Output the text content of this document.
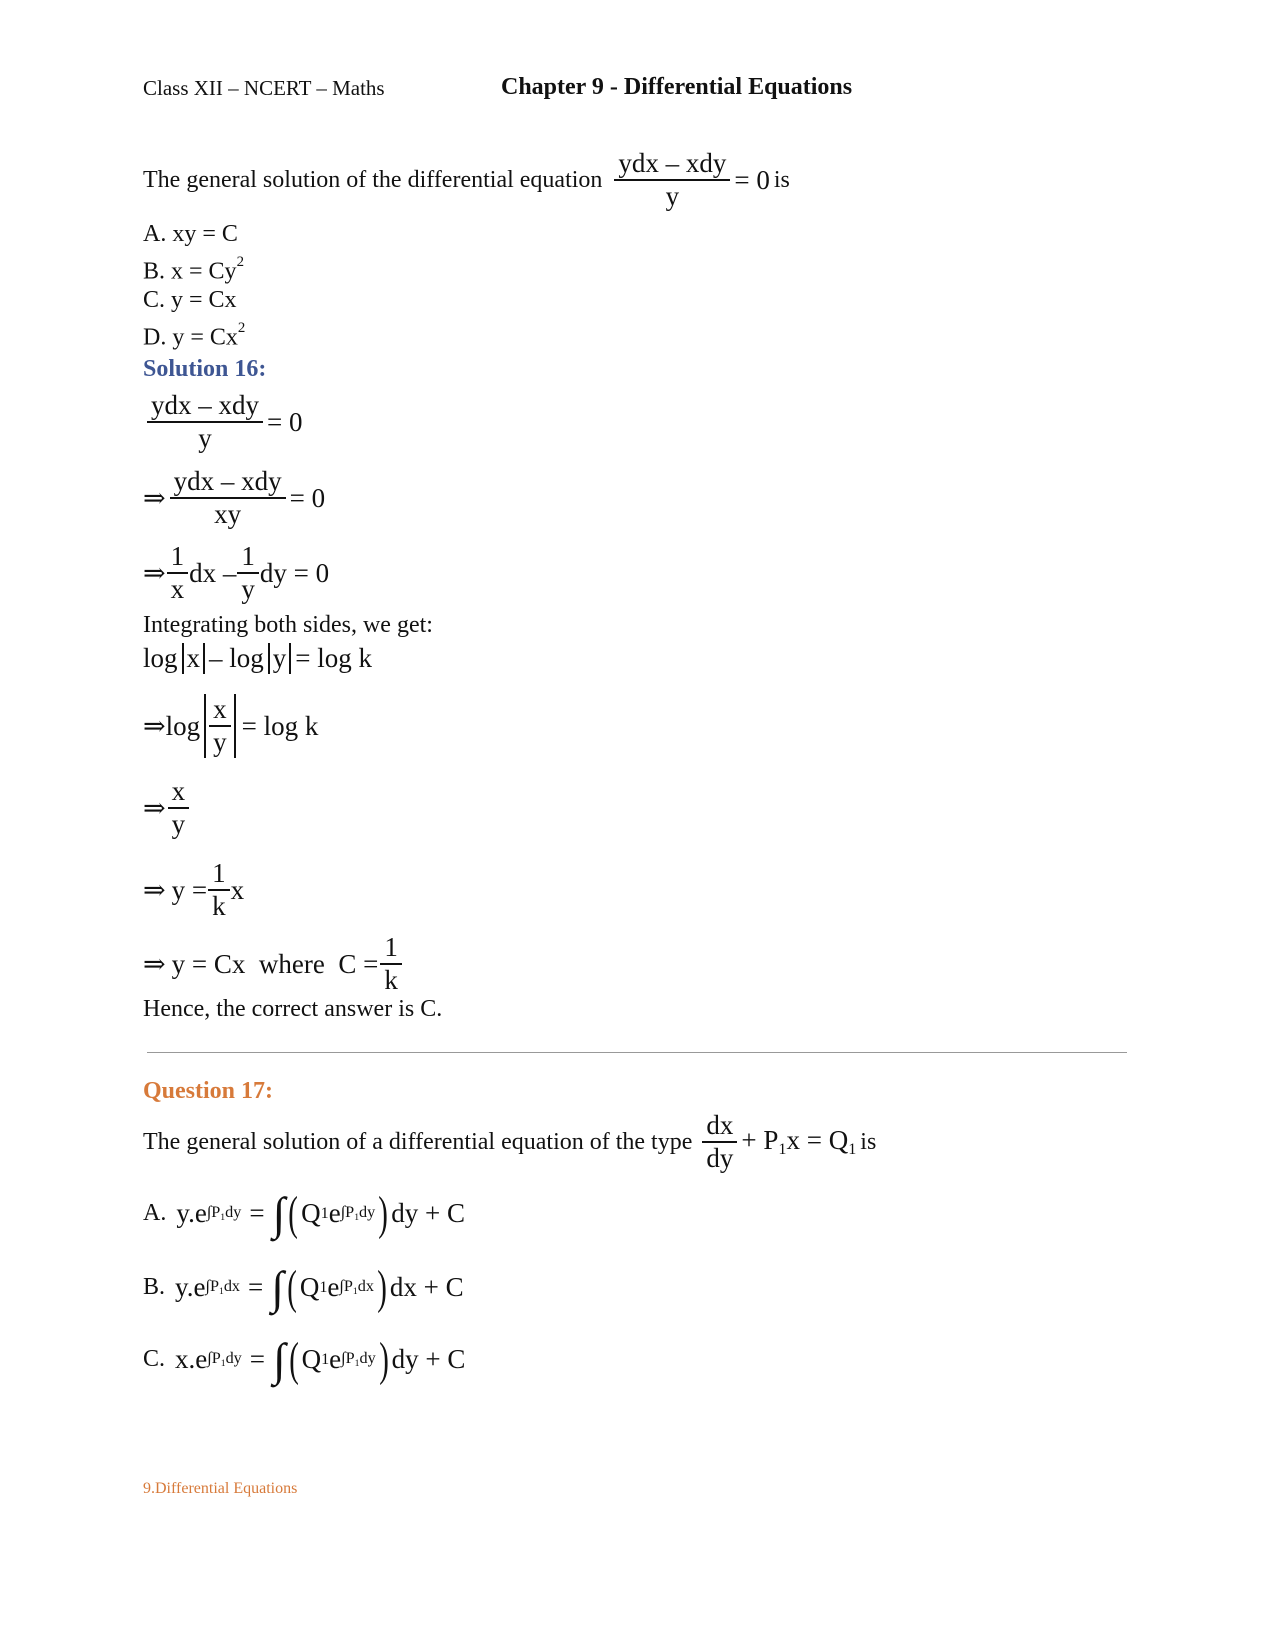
Class XII – NCERT – Maths	Chapter 9 - Differential Equations
The general solution of the differential equation $\frac{\text{ydx – xdy}}{y} = 0$ is
A. xy = C
B. $x = Cy^2$
C. y = Cx
D. $y = Cx^2$
Solution 16:
$\frac{\text{ydx – xdy}}{y} = 0$
⇒ $\frac{\text{ydx – xdy}}{xy} = 0$
⇒ $\frac{1}{x}$ dx – $\frac{1}{y}$ dy = 0
Integrating both sides, we get:
log x – log y = log k
⇒ $\log \frac{x}{y} = \log k$
⇒ $\frac{x}{y}$
⇒ $y = \frac{1}{k}$ x
⇒ y = Cx  where  $C = \frac{1}{k}$
Hence, the correct answer is C.
Question 17:
The general solution of a differential equation of the type $\frac{dx}{dy} + P_1x = Q_1$ is
A. y.e $\int P_1dy$ = ∫ ( Q 1 e $\int P_1dy$ ) dy + C
B. y.e $\int P_1dx$ = ∫ ( Q 1 e $\int P_1dx$ ) dx + C
C. x.e $\int P_1dy$ = ∫ ( Q 1 e $\int P_1dy$ ) dy + C
9.Differential Equations
